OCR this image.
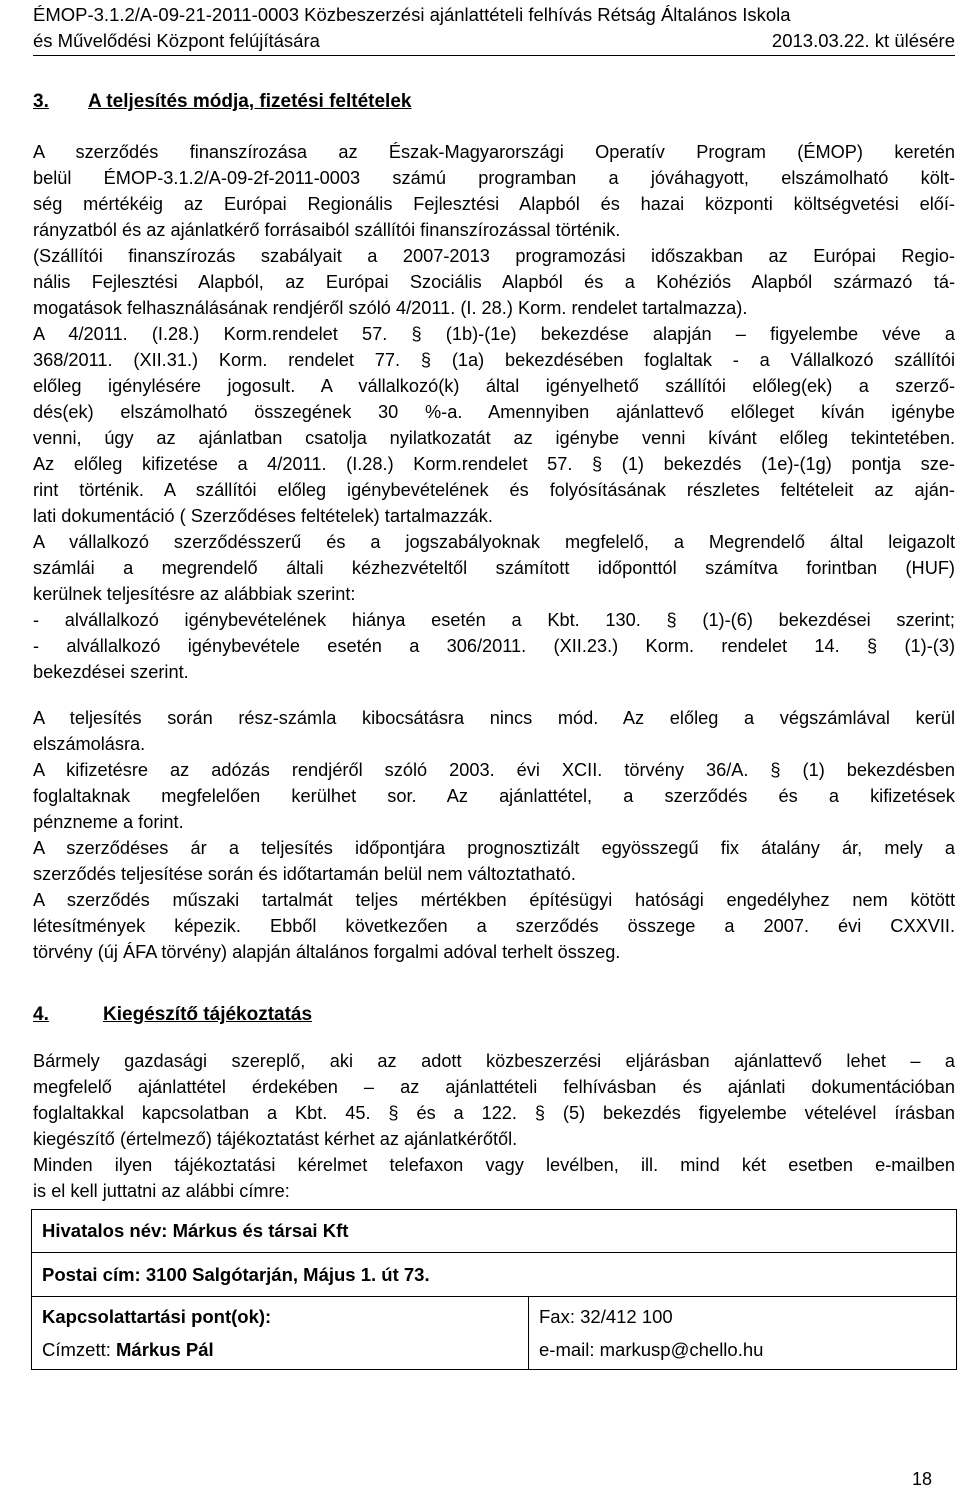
ÉMOP-3.1.2/A-09-21-2011-0003 Közbeszerzési ajánlattételi felhívás Rétság Általános Iskola
és Művelődési Központ felújítására	2013.03.22. kt ülésére
3. A teljesítés módja, fizetési feltételek

A szerződés finanszírozása az Észak-Magyarországi Operatív Program (ÉMOP) keretén

belül ÉMOP-3.1.2/A-09-2f-2011-0003 számú programban a jóváhagyott, elszámolható költ-

ség mértékéig az Európai Regionális Fejlesztési Alapból és hazai központi költségvetési előí-

rányzatból és az ajánlatkérő forrásaiból szállítói finanszírozással történik.

(Szállítói finanszírozás szabályait a 2007-2013 programozási időszakban az Európai Regio-

nális Fejlesztési Alapból, az Európai Szociális Alapból és a Kohéziós Alapból származó tá-

mogatások felhasználásának rendjéről szóló 4/2011. (I. 28.) Korm. rendelet tartalmazza).

A 4/2011. (I.28.) Korm.rendelet 57. § (1b)-(1e) bekezdése alapján – figyelembe véve a

368/2011. (XII.31.) Korm. rendelet 77. § (1a) bekezdésében foglaltak - a Vállalkozó szállítói

előleg igénylésére jogosult. A vállalkozó(k) által igényelhető szállítói előleg(ek) a szerző-

dés(ek) elszámolható összegének 30 %-a. Amennyiben ajánlattevő előleget kíván igénybe

venni, úgy az ajánlatban csatolja nyilatkozatát az igénybe venni kívánt előleg tekintetében.

Az előleg kifizetése a 4/2011. (I.28.) Korm.rendelet 57. § (1) bekezdés (1e)-(1g) pontja sze-

rint történik. A szállítói előleg igénybevételének és folyósításának részletes feltételeit az aján-

lati dokumentáció ( Szerződéses feltételek) tartalmazzák.

A vállalkozó szerződésszerű és a jogszabályoknak megfelelő, a Megrendelő által leigazolt

számlái a megrendelő általi kézhezvételtől számított időponttól számítva forintban (HUF)

kerülnek teljesítésre az alábbiak szerint:

- alvállalkozó igénybevételének hiánya esetén a Kbt. 130. § (1)-(6) bekezdései szerint;

- alvállalkozó igénybevétele esetén a 306/2011. (XII.23.) Korm. rendelet 14. § (1)-(3)

bekezdései szerint.

A teljesítés során rész-számla kibocsátásra nincs mód. Az előleg a végszámlával kerül

elszámolásra.

A kifizetésre az adózás rendjéről szóló 2003. évi XCII. törvény 36/A. § (1) bekezdésben

foglaltaknak megfelelően kerülhet sor. Az ajánlattétel, a szerződés és a kifizetések

pénzneme a forint.

A szerződéses ár a teljesítés időpontjára prognosztizált egyösszegű fix átalány ár, mely a

szerződés teljesítése során és időtartamán belül nem változtatható.

A szerződés műszaki tartalmát teljes mértékben építésügyi hatósági engedélyhez nem kötött

létesítmények képezik. Ebből következően a szerződés összege a 2007. évi CXXVII.

törvény (új ÁFA törvény) alapján általános forgalmi adóval terhelt összeg.

4.	Kiegészítő tájékoztatás

Bármely gazdasági szereplő, aki az adott közbeszerzési eljárásban ajánlattevő lehet – a

megfelelő ajánlattétel érdekében – az ajánlattételi felhívásban és ajánlati dokumentációban

foglaltakkal kapcsolatban a Kbt. 45. § és a 122. § (5) bekezdés figyelembe vételével írásban

kiegészítő (értelmező) tájékoztatást kérhet az ajánlatkérőtől.

Minden ilyen tájékoztatási kérelmet telefaxon vagy levélben, ill. mind két esetben e-mailben

is el kell juttatni az alábbi címre:

Hivatalos név: Márkus és társai Kft
Postai cím: 3100 Salgótarján, Május 1. út 73.

Kapcsolattartási pont(ok):
Címzett: Márkus Pál

Fax: 32/412 100
e-mail: markusp@chello.hu
18
